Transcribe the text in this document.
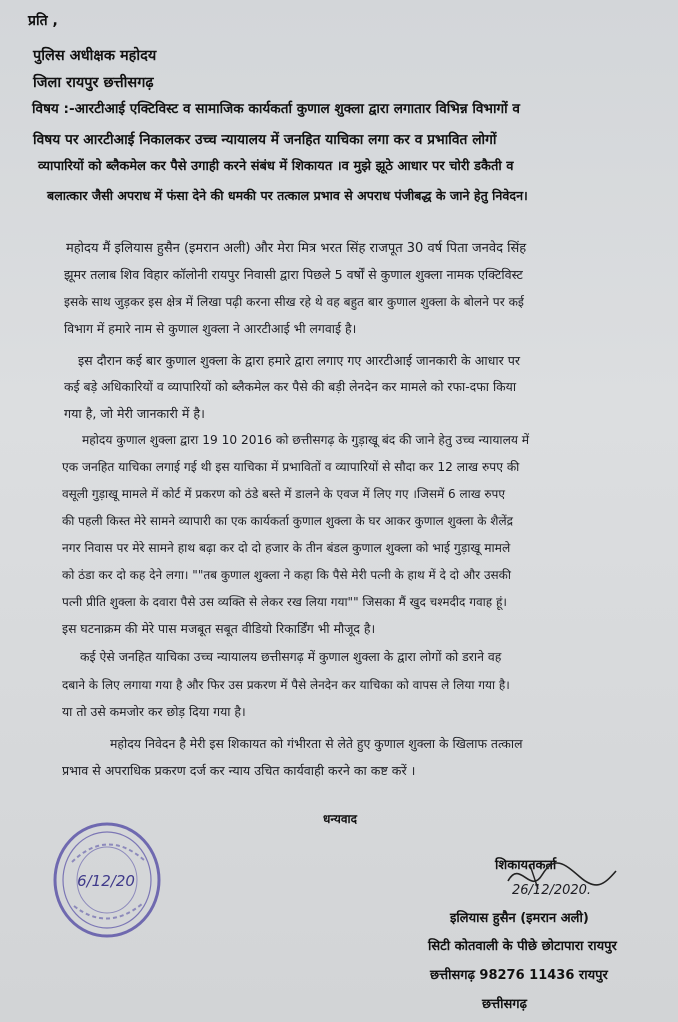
प्रति ,

पुलिस अधीक्षक महोदय

जिला रायपुर छत्तीसगढ़

विषय :-आरटीआई एक्टिविस्ट व सामाजिक कार्यकर्ता कुणाल शुक्ला द्वारा लगातार विभिन्न विभागों व

विषय पर आरटीआई निकालकर उच्च न्यायालय में जनहित याचिका लगा कर व प्रभावित लोगों

व्यापारियों को ब्लैकमेल कर पैसे उगाही करने संबंध में शिकायत ।व मुझे झूठे आधार पर चोरी डकैती व

बलात्कार जैसी अपराध में फंसा देने की धमकी पर तत्काल प्रभाव से अपराध पंजीबद्ध के जाने हेतु निवेदन।

महोदय मैं इलियास हुसैन (इमरान अली) और मेरा मित्र भरत सिंह राजपूत 30 वर्ष पिता जनवेद सिंह

झूमर तलाब शिव विहार कॉलोनी रायपुर निवासी द्वारा पिछले 5 वर्षों से कुणाल शुक्ला नामक एक्टिविस्ट

इसके साथ जुड़कर इस क्षेत्र में लिखा पढ़ी करना सीख रहे थे वह बहुत बार कुणाल शुक्ला के बोलने पर कई

विभाग में हमारे नाम से कुणाल शुक्ला ने आरटीआई भी लगवाई है।

इस दौरान कई बार कुणाल शुक्ला के द्वारा हमारे द्वारा लगाए गए आरटीआई जानकारी के आधार पर

कई बड़े अधिकारियों व व्यापारियों को ब्लैकमेल कर पैसे की बड़ी लेनदेन कर मामले को रफा-दफा किया

गया है, जो मेरी जानकारी में है।

महोदय कुणाल शुक्ला द्वारा 19 10 2016 को छत्तीसगढ़ के गुड़ाखू बंद की जाने हेतु उच्च न्यायालय में

एक जनहित याचिका लगाई गई थी इस याचिका में प्रभावितों व व्यापारियों से सौदा कर 12 लाख रुपए की

वसूली गुड़ाखू मामले में कोर्ट में प्रकरण को ठंडे बस्ते में डालने के एवज में लिए गए ।जिसमें 6 लाख रुपए

की पहली किस्त मेरे सामने व्यापारी का एक कार्यकर्ता कुणाल शुक्ला के घर आकर कुणाल शुक्ला के शैलेंद्र

नगर निवास पर मेरे सामने हाथ बढ़ा कर दो दो हजार के तीन बंडल कुणाल शुक्ला को भाई गुड़ाखू मामले

को ठंडा कर दो कह देने लगा। ""तब कुणाल शुक्ला ने कहा कि पैसे मेरी पत्नी के हाथ में दे दो और उसकी

पत्नी प्रीति शुक्ला के दवारा पैसे उस व्यक्ति से लेकर रख लिया गया"" जिसका मैं खुद चश्मदीद गवाह हूं।

इस घटनाक्रम की मेरे पास मजबूत सबूत वीडियो रिकार्डिंग भी मौजूद है।

कई ऐसे जनहित याचिका उच्च न्यायालय छत्तीसगढ़ में कुणाल शुक्ला के द्वारा लोगों को डराने वह

दबाने के लिए लगाया गया है और फिर उस प्रकरण में पैसे लेनदेन कर याचिका को वापस ले लिया गया है।

या तो उसे कमजोर कर छोड़ दिया गया है।

महोदय निवेदन है मेरी इस शिकायत को गंभीरता से लेते हुए कुणाल शुक्ला के खिलाफ तत्काल

प्रभाव से अपराधिक प्रकरण दर्ज कर न्याय उचित कार्यवाही करने का कष्ट करें ।

धन्यवाद

6/12/20

शिकायतकर्ता

26/12/2020.

इलियास हुसैन (इमरान अली)

सिटी कोतवाली के पीछे छोटापारा रायपुर

छत्तीसगढ़ 98276 11436 रायपुर

छत्तीसगढ़
